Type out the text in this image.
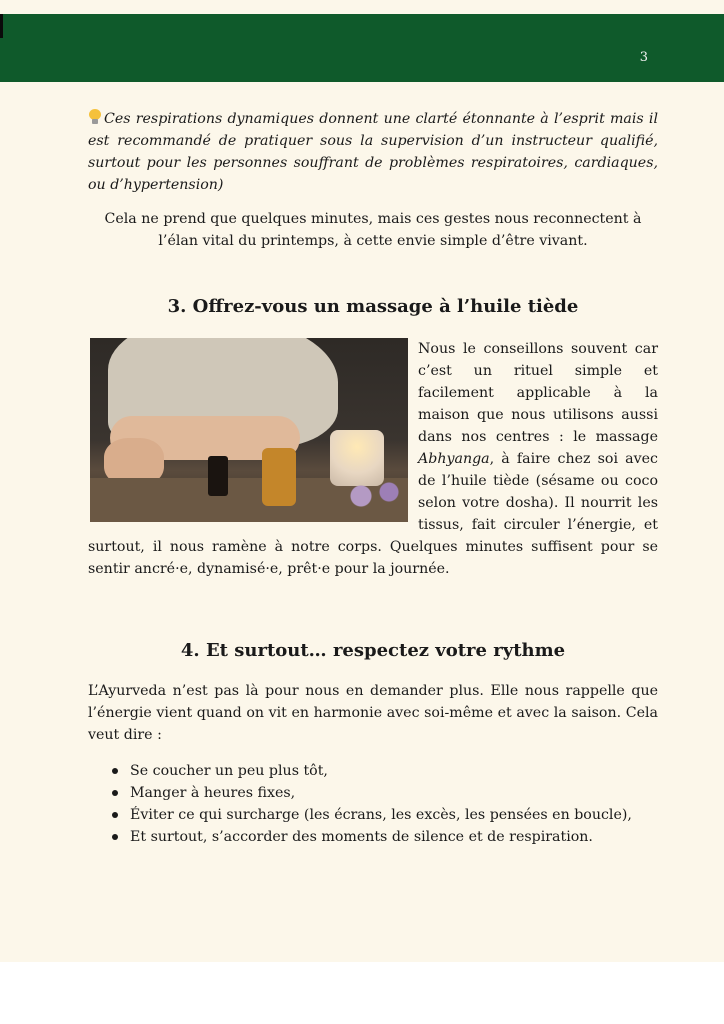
3

Ces respirations dynamiques donnent une clarté étonnante à l’esprit mais il est recommandé de pratiquer sous la supervision d’un instructeur qualifié, surtout pour les personnes souffrant de problèmes respiratoires, cardiaques, ou d’hypertension)

Cela ne prend que quelques minutes, mais ces gestes nous reconnectent à l’élan vital du printemps, à cette envie simple d’être vivant.

3. Offrez-vous un massage à l’huile tiède

Nous le conseillons souvent car c’est un rituel simple et facilement applicable à la maison que nous utilisons aussi dans nos centres : le massage Abhyanga, à faire chez soi avec de l’huile tiède (sésame ou coco selon votre dosha). Il nourrit les tissus, fait circuler l’énergie, et surtout, il nous ramène à notre corps. Quelques minutes suffisent pour se sentir ancré·e, dynamisé·e, prêt·e pour la journée.

4. Et surtout… respectez votre rythme

L’Ayurveda n’est pas là pour nous en demander plus. Elle nous rappelle que l’énergie vient quand on vit en harmonie avec soi-même et avec la saison. Cela veut dire :

Se coucher un peu plus tôt,
Manger à heures fixes,
Éviter ce qui surcharge (les écrans, les excès, les pensées en boucle),
Et surtout, s’accorder des moments de silence et de respiration.
